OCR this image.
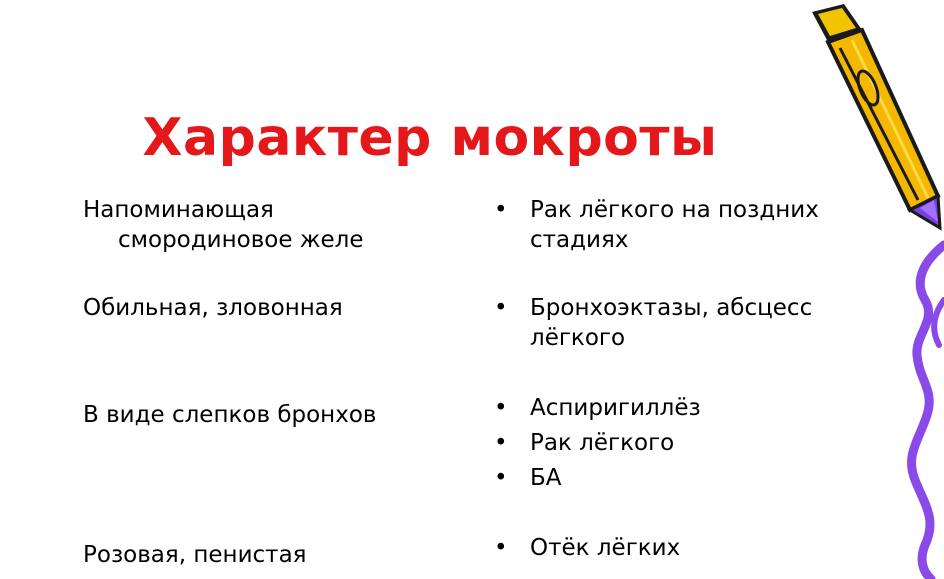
Характер мокроты
Напоминающая
смородиновое желе
Обильная, зловонная
В виде слепков бронхов
Розовая, пенистая
• Рак лёгкого на поздних стадиях
• Бронхоэктазы, абсцесс лёгкого
• Аспиригиллёз
• Рак лёгкого
• БА
• Отёк лёгких
